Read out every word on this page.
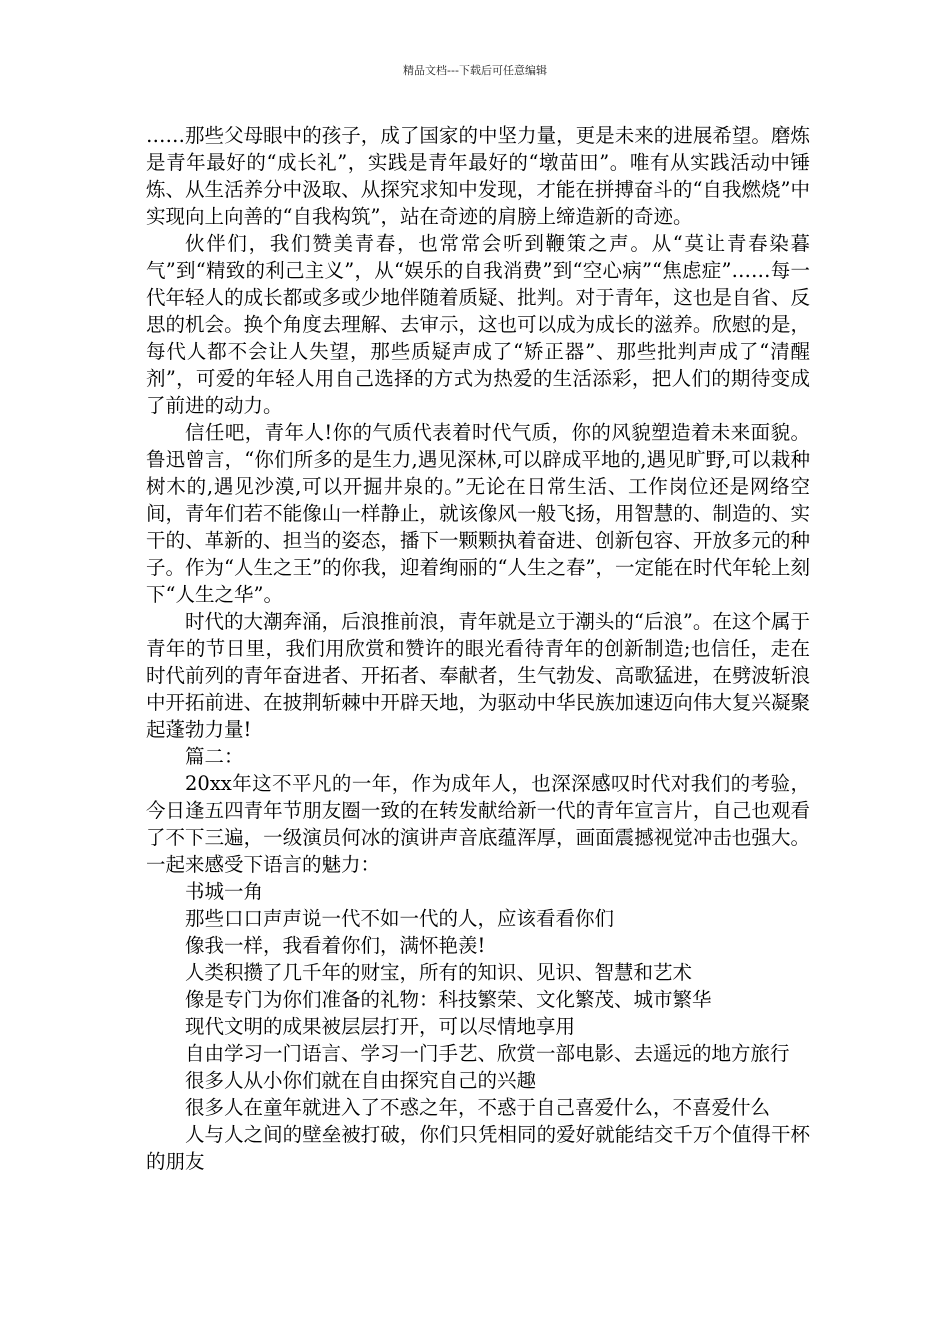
精品文档---下载后可任意编辑

……那些父母眼中的孩子，成了国家的中坚力量，更是未来的进展希望。磨炼是青年最好的“成长礼”，实践是青年最好的“墩苗田”。唯有从实践活动中锤炼、从生活养分中汲取、从探究求知中发现，才能在拼搏奋斗的“自我燃烧”中实现向上向善的“自我构筑”，站在奇迹的肩膀上缔造新的奇迹。

伙伴们，我们赞美青春，也常常会听到鞭策之声。从“莫让青春染暮气”到“精致的利己主义”，从“娱乐的自我消费”到“空心病”“焦虑症”……每一代年轻人的成长都或多或少地伴随着质疑、批判。对于青年，这也是自省、反思的机会。换个角度去理解、去审示，这也可以成为成长的滋养。欣慰的是，每代人都不会让人失望，那些质疑声成了“矫正器”、那些批判声成了“清醒剂”，可爱的年轻人用自己选择的方式为热爱的生活添彩，把人们的期待变成了前进的动力。

信任吧，青年人!你的气质代表着时代气质，你的风貌塑造着未来面貌。鲁迅曾言，“你们所多的是生力,遇见深林,可以辟成平地的,遇见旷野,可以栽种树木的,遇见沙漠,可以开掘井泉的。”无论在日常生活、工作岗位还是网络空间，青年们若不能像山一样静止，就该像风一般飞扬，用智慧的、制造的、实干的、革新的、担当的姿态，播下一颗颗执着奋进、创新包容、开放多元的种子。作为“人生之王”的你我，迎着绚丽的“人生之春”，一定能在时代年轮上刻下“人生之华”。

时代的大潮奔涌，后浪推前浪，青年就是立于潮头的“后浪”。在这个属于青年的节日里，我们用欣赏和赞许的眼光看待青年的创新制造;也信任，走在时代前列的青年奋进者、开拓者、奉献者，生气勃发、高歌猛进，在劈波斩浪中开拓前进、在披荆斩棘中开辟天地，为驱动中华民族加速迈向伟大复兴凝聚起蓬勃力量!

篇二：

20xx年这不平凡的一年，作为成年人，也深深感叹时代对我们的考验，今日逢五四青年节朋友圈一致的在转发献给新一代的青年宣言片，自己也观看了不下三遍，一级演员何冰的演讲声音底蕴浑厚，画面震撼视觉冲击也强大。一起来感受下语言的魅力：

书城一角

那些口口声声说一代不如一代的人，应该看看你们

像我一样，我看着你们，满怀艳羡!

人类积攒了几千年的财宝，所有的知识、见识、智慧和艺术

像是专门为你们准备的礼物：科技繁荣、文化繁茂、城市繁华

现代文明的成果被层层打开，可以尽情地享用

自由学习一门语言、学习一门手艺、欣赏一部电影、去遥远的地方旅行

很多人从小你们就在自由探究自己的兴趣

很多人在童年就进入了不惑之年，不惑于自己喜爱什么，不喜爱什么

人与人之间的壁垒被打破，你们只凭相同的爱好就能结交千万个值得干杯的朋友
